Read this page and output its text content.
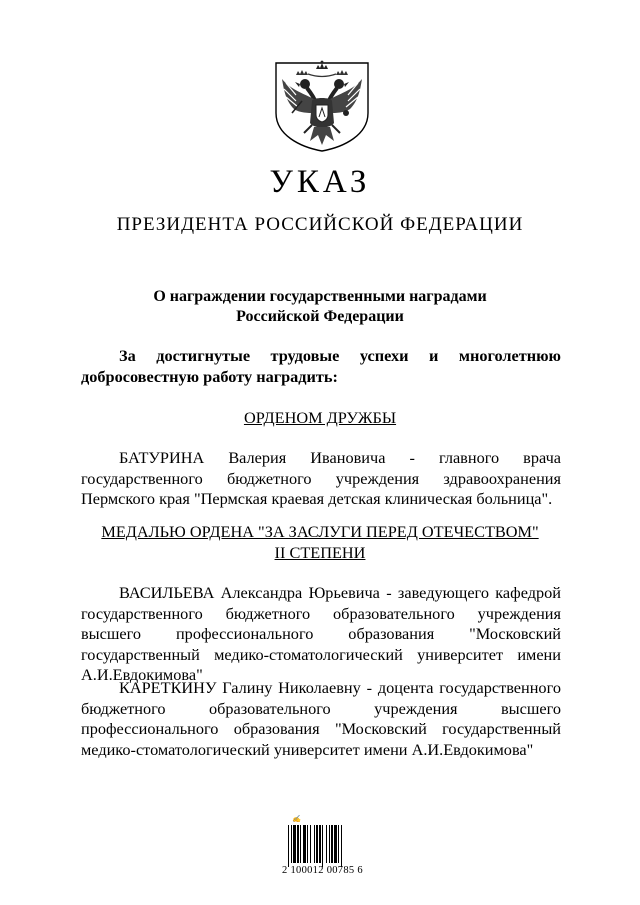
УКАЗ
ПРЕЗИДЕНТА РОССИЙСКОЙ ФЕДЕРАЦИИ
О награждении государственными наградами
Российской Федерации

За достигнутые трудовые успехи и многолетнюю добросовестную работу наградить:

ОРДЕНОМ ДРУЖБЫ

БАТУРИНА Валерия Ивановича - главного врача государственного бюджетного учреждения здравоохранения Пермского края "Пермская краевая детская клиническая больница".

МЕДАЛЬЮ ОРДЕНА "ЗА ЗАСЛУГИ ПЕРЕД ОТЕЧЕСТВОМ"
II СТЕПЕНИ

ВАСИЛЬЕВА Александра Юрьевича - заведующего кафедрой государственного бюджетного образовательного учреждения высшего профессионального образования "Московский государственный медико-стоматологический университет имени А.И.Евдокимова"

КАРЕТКИНУ Галину Николаевну - доцента государственного бюджетного образовательного учреждения высшего профессионального образования "Московский государственный медико-стоматологический университет имени А.И.Евдокимова"

✍
2 100012 00785 6
